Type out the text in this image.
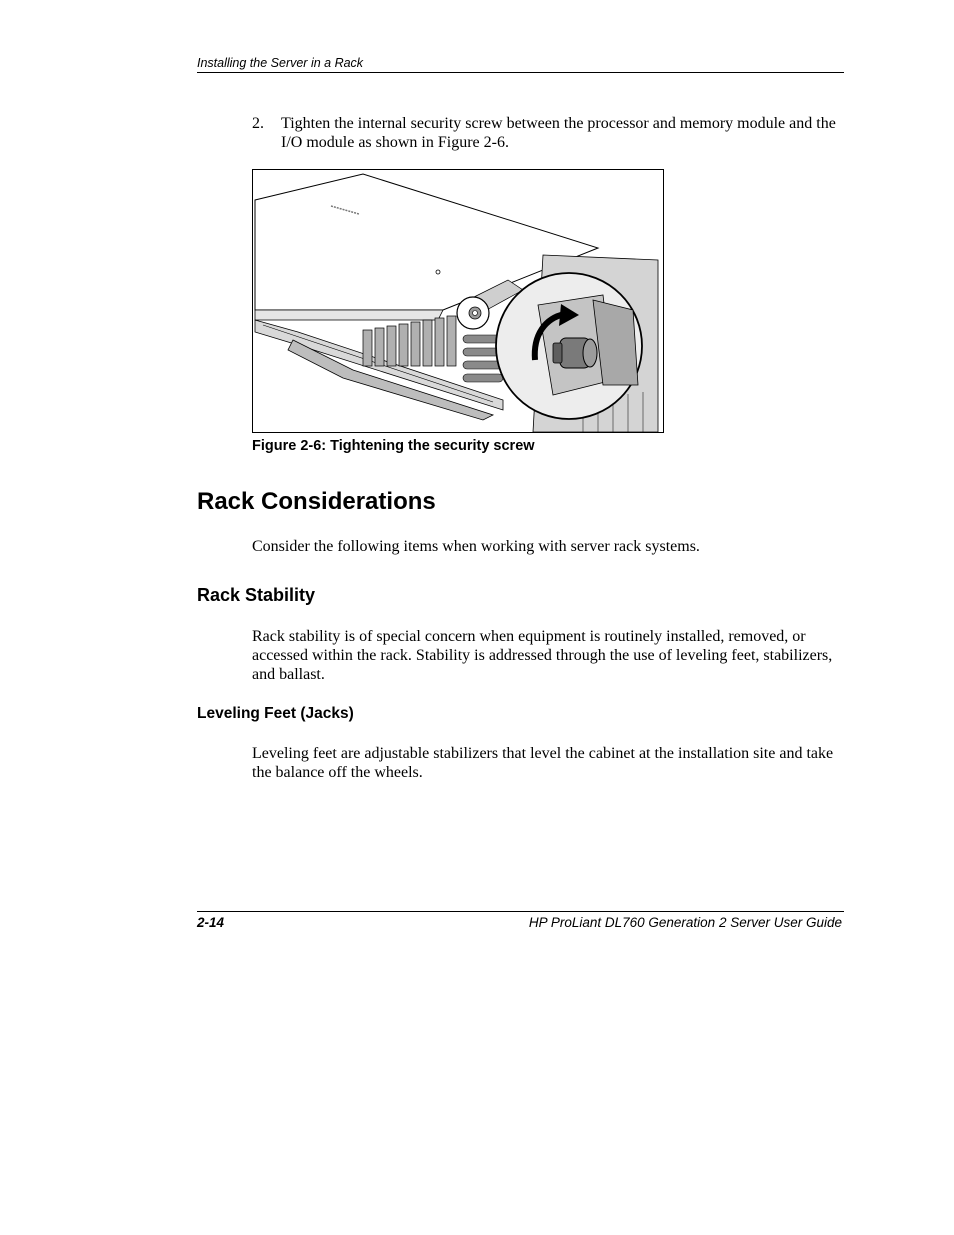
Installing the Server in a Rack
2. Tighten the internal security screw between the processor and memory module and the I/O module as shown in Figure 2-6.
Figure 2-6: Tightening the security screw
Rack Considerations

Consider the following items when working with server rack systems.

Rack Stability

Rack stability is of special concern when equipment is routinely installed, removed, or accessed within the rack. Stability is addressed through the use of leveling feet, stabilizers, and ballast.

Leveling Feet (Jacks)

Leveling feet are adjustable stabilizers that level the cabinet at the installation site and take the balance off the wheels.

2-14	HP ProLiant DL760 Generation 2 Server User Guide
